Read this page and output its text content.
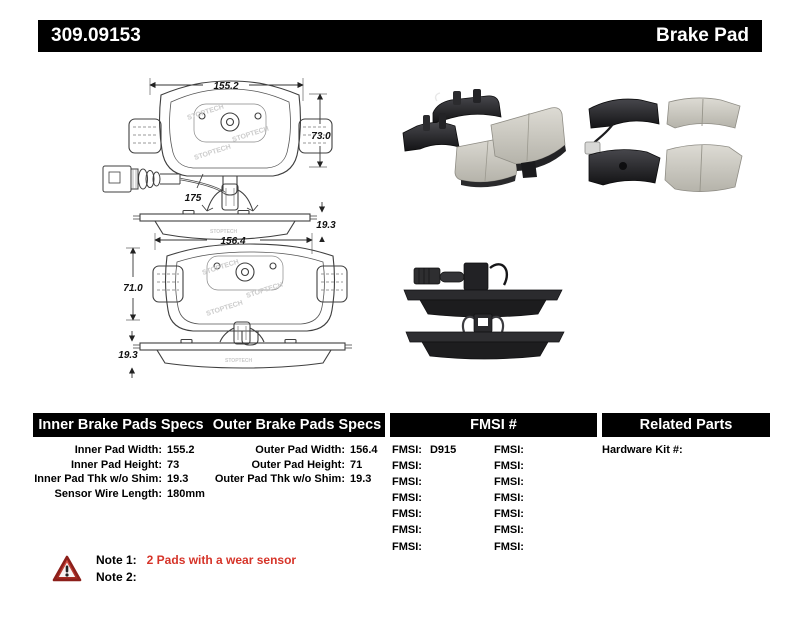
309.09153	Brake Pad
155.2
73.0
STOPTECH
STOPTECH
STOPTECH
175
STOPTECH
19.3
156.4
71.0
STOPTECH
STOPTECH
STOPTECH
STOPTECH
19.3
Inner Brake Pads Specs Outer Brake Pads Specs	FMSI #	Related Parts
Inner Pad Width: 155.2
Inner Pad Height: 73
Inner Pad Thk w/o Shim: 19.3
Sensor Wire Length: 180mm
Outer Pad Width: 156.4
Outer Pad Height: 71
Outer Pad Thk w/o Shim: 19.3
FMSI: D915	FMSI:
FMSI:	FMSI:
FMSI:	FMSI:
FMSI:	FMSI:
FMSI:	FMSI:
FMSI:	FMSI:
FMSI:	FMSI:
Hardware Kit #:
Note 1: 2 Pads with a wear sensor
Note 2:
